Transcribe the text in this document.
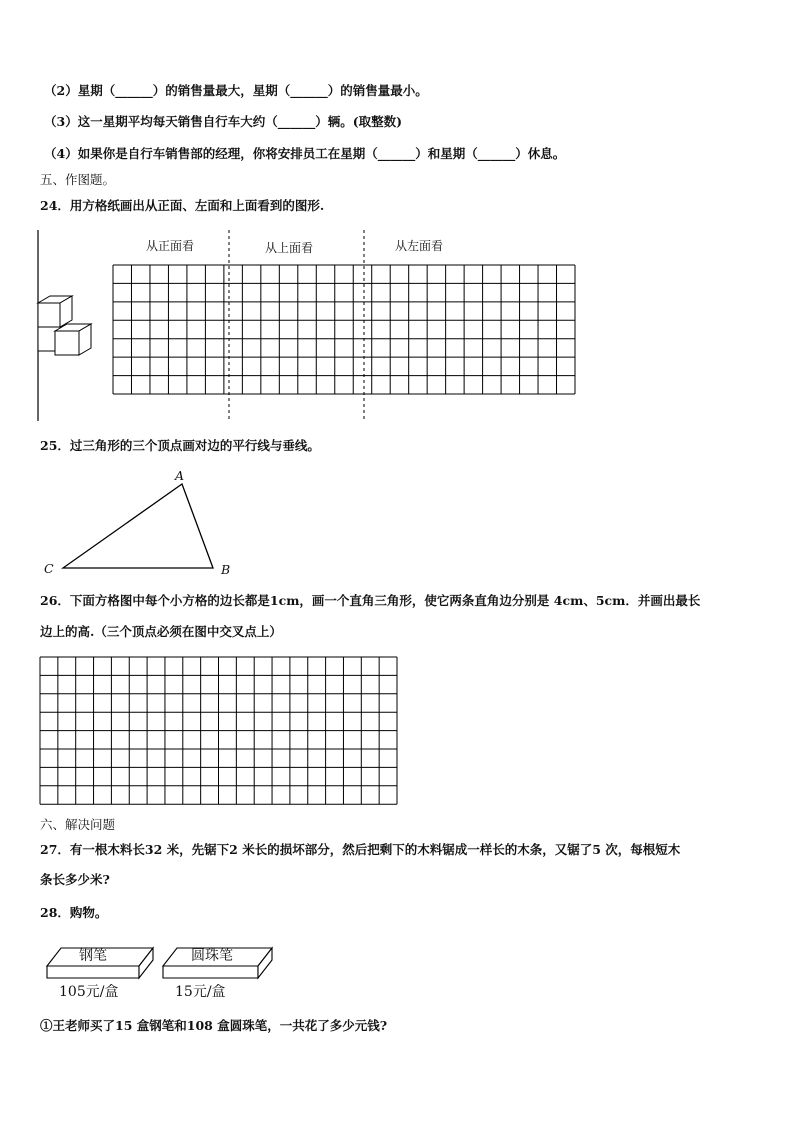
（2）星期（______）的销售量最大，星期（______）的销售量最小。
（3）这一星期平均每天销售自行车大约（______）辆。(取整数)
（4）如果你是自行车销售部的经理，你将安排员工在星期（______）和星期（______）休息。
五、作图题。
24．用方格纸画出从正面、左面和上面看到的图形.
从正面看	从上面看	从左面看
25．过三角形的三个顶点画对边的平行线与垂线。
A
B
C
26．下面方格图中每个小方格的边长都是1cm，画一个直角三角形，使它两条直角边分别是 4cm、5cm．并画出最长
边上的高.（三个顶点必须在图中交叉点上）
六、解决问题
27．有一根木料长32 米，先锯下2 米长的损坏部分，然后把剩下的木料锯成一样长的木条，又锯了5 次，每根短木
条长多少米?
28．购物。
钢笔	圆珠笔
105元/盒	15元/盒
①王老师买了15 盒钢笔和108 盒圆珠笔，一共花了多少元钱?
